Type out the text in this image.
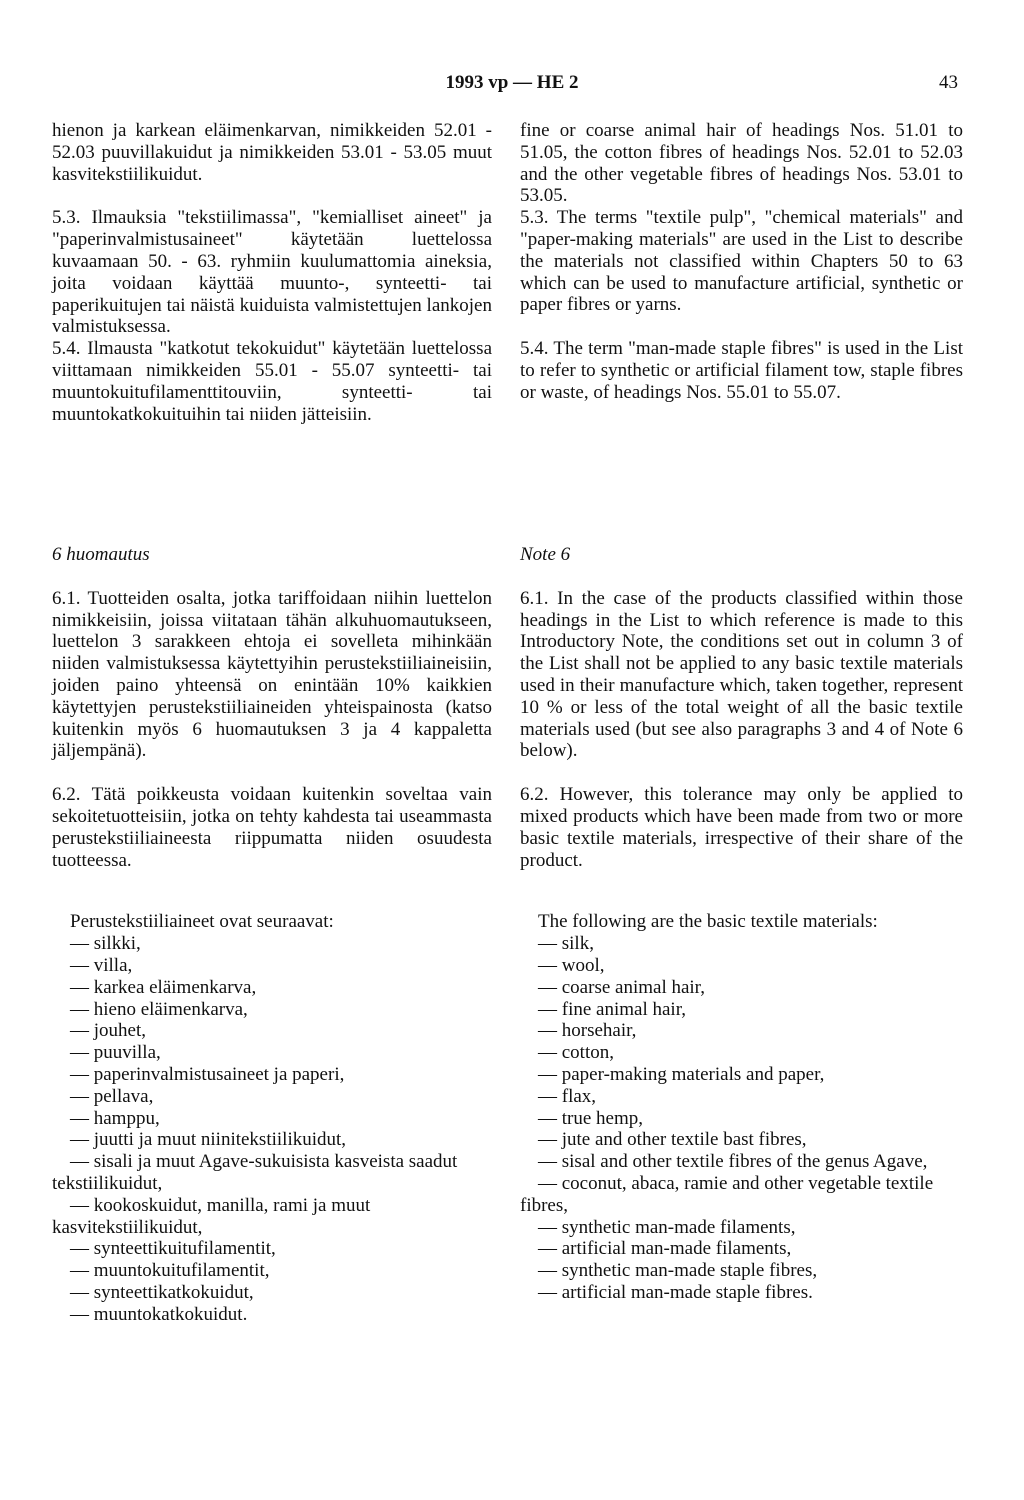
1993 vp — HE 2	43

hienon ja karkean eläimenkarvan, nimikkeiden 52.01 - 52.03 puuvillakuidut ja nimikkeiden 53.01 - 53.05 muut kasvitekstiilikuidut.

5.3. Ilmauksia "tekstiilimassa", "kemialliset aineet" ja "paperinvalmistusaineet" käytetään luettelossa kuvaamaan 50. - 63. ryhmiin kuulumattomia aineksia, joita voidaan käyttää muunto-, synteetti- tai paperikuitujen tai näistä kuiduista valmistettujen lankojen valmistuksessa.

5.4. Ilmausta "katkotut tekokuidut" käytetään luettelossa viittamaan nimikkeiden 55.01 - 55.07 synteetti- tai muuntokuitufilamenttitouviin, synteetti- tai muuntokatkokuituihin tai niiden jätteisiin.

fine or coarse animal hair of headings Nos. 51.01 to 51.05, the cotton fibres of headings Nos. 52.01 to 52.03 and the other vegetable fibres of headings Nos. 53.01 to 53.05.

5.3. The terms "textile pulp", "chemical materials" and "paper-making materials" are used in the List to describe the materials not classified within Chapters 50 to 63 which can be used to manufacture artificial, synthetic or paper fibres or yarns.

5.4. The term "man-made staple fibres" is used in the List to refer to synthetic or artificial filament tow, staple fibres or waste, of headings Nos. 55.01 to 55.07.

6 huomautus

6.1. Tuotteiden osalta, jotka tariffoidaan niihin luettelon nimikkeisiin, joissa viitataan tähän alkuhuomautukseen, luettelon 3 sarakkeen ehtoja ei sovelleta mihinkään niiden valmistuksessa käytettyihin perustekstiiliaineisiin, joiden paino yhteensä on enintään 10% kaikkien käytettyjen perustekstiiliaineiden yhteispainosta (katso kuitenkin myös 6 huomautuksen 3 ja 4 kappaletta jäljempänä).

6.2. Tätä poikkeusta voidaan kuitenkin soveltaa vain sekoitetuotteisiin, jotka on tehty kahdesta tai useammasta perustekstiiliaineesta riippumatta niiden osuudesta tuotteessa.

Perustekstiiliaineet ovat seuraavat:

— silkki,
— villa,
— karkea eläimenkarva,
— hieno eläimenkarva,
— jouhet,
— puuvilla,
— paperinvalmistusaineet ja paperi,
— pellava,
— hamppu,
— juutti ja muut niinitekstiilikuidut,
— sisali ja muut Agave-sukuisista kasveista saadut tekstiilikuidut,
— kookoskuidut, manilla, rami ja muut kasvitekstiilikuidut,
— synteettikuitufilamentit,
— muuntokuitufilamentit,
— synteettikatkokuidut,
— muuntokatkokuidut.

Note 6

6.1. In the case of the products classified within those headings in the List to which reference is made to this Introductory Note, the conditions set out in column 3 of the List shall not be applied to any basic textile materials used in their manufacture which, taken together, represent 10 % or less of the total weight of all the basic textile materials used (but see also paragraphs 3 and 4 of Note 6 below).

6.2. However, this tolerance may only be applied to mixed products which have been made from two or more basic textile materials, irrespective of their share of the product.

The following are the basic textile materials:

— silk,
— wool,
— coarse animal hair,
— fine animal hair,
— horsehair,
— cotton,
— paper-making materials and paper,
— flax,
— true hemp,
— jute and other textile bast fibres,
— sisal and other textile fibres of the genus Agave,
— coconut, abaca, ramie and other vegetable textile fibres,
— synthetic man-made filaments,
— artificial man-made filaments,
— synthetic man-made staple fibres,
— artificial man-made staple fibres.
